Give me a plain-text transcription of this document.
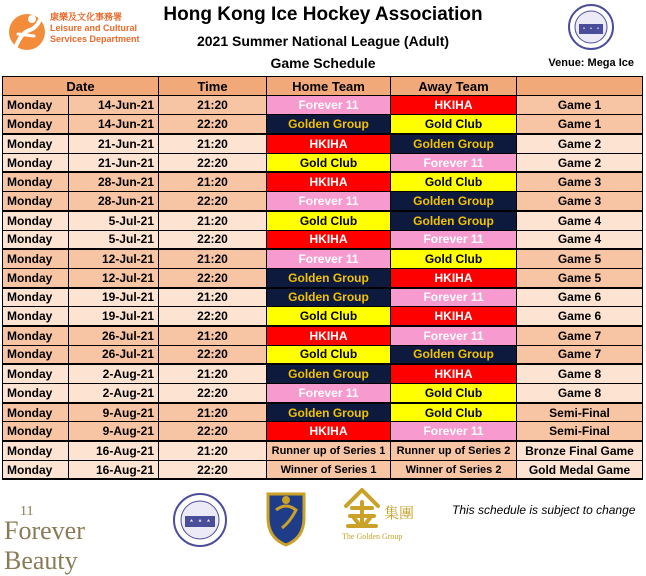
康樂及文化事務署
Leisure and Cultural
Services Department
Hong Kong Ice Hockey Association
2021 Summer National League (Adult)
Game Schedule	Venue: Mega Ice
Date		Time	Home Team	Away Team	
Monday	14-Jun-21	21:20	Forever 11	HKIHA	Game 1
Monday	14-Jun-21	22:20	Golden Group	Gold Club	Game 1
Monday	21-Jun-21	21:20	HKIHA	Golden Group	Game 2
Monday	21-Jun-21	22:20	Gold Club	Forever 11	Game 2
Monday	28-Jun-21	21:20	HKIHA	Gold Club	Game 3
Monday	28-Jun-21	22:20	Forever 11	Golden Group	Game 3
Monday	5-Jul-21	21:20	Gold Club	Golden Group	Game 4
Monday	5-Jul-21	22:20	HKIHA	Forever 11	Game 4
Monday	12-Jul-21	21:20	Forever 11	Gold Club	Game 5
Monday	12-Jul-21	22:20	Golden Group	HKIHA	Game 5
Monday	19-Jul-21	21:20	Golden Group	Forever 11	Game 6
Monday	19-Jul-21	22:20	Gold Club	HKIHA	Game 6
Monday	26-Jul-21	21:20	HKIHA	Forever 11	Game 7
Monday	26-Jul-21	22:20	Gold Club	Golden Group	Game 7
Monday	2-Aug-21	21:20	Golden Group	HKIHA	Game 8
Monday	2-Aug-21	22:20	Forever 11	Gold Club	Game 8
Monday	9-Aug-21	21:20	Golden Group	Gold Club	Semi-Final
Monday	9-Aug-21	22:20	HKIHA	Forever 11	Semi-Final
Monday	16-Aug-21	21:20	Runner up of Series 1	Runner up of Series 2	Bronze Final Game
Monday	16-Aug-21	22:20	Winner of Series 1	Winner of Series 2	Gold Medal Game
11
Forever Beauty
集團
The Golden Group
This schedule is subject to change
